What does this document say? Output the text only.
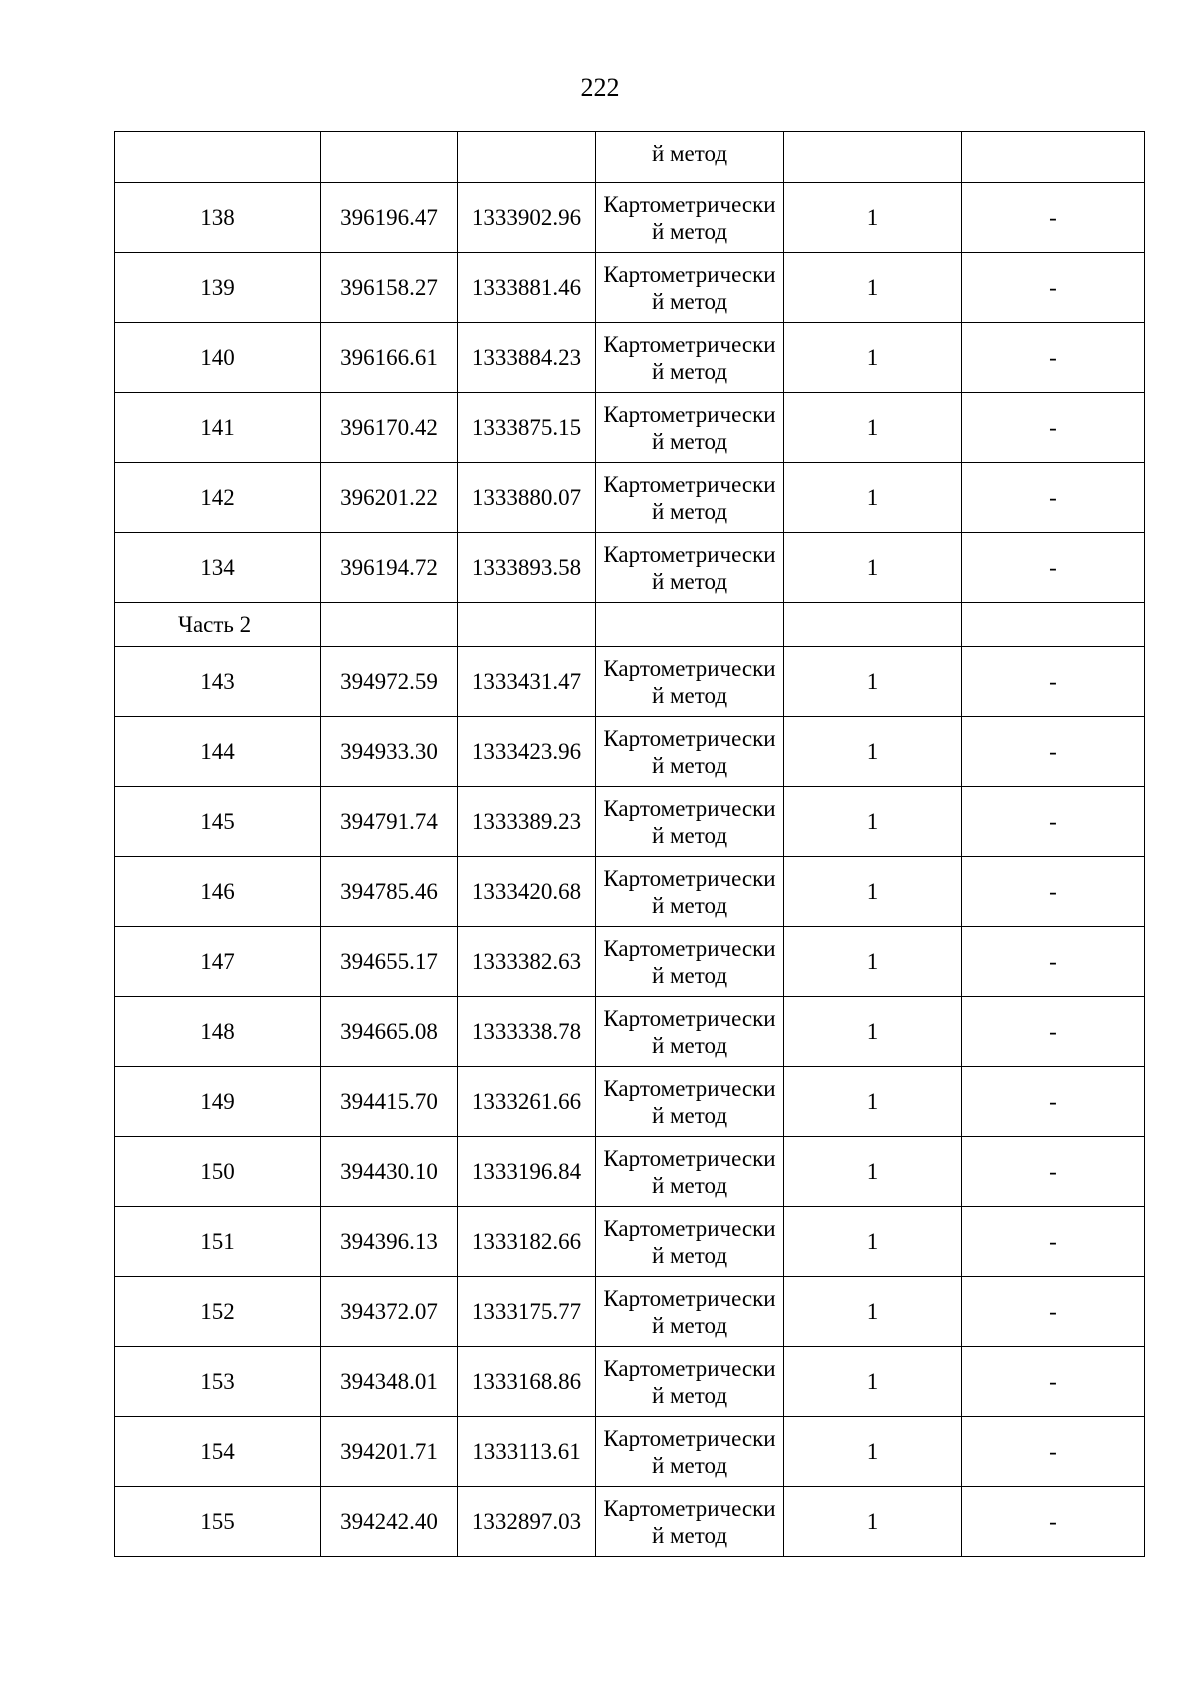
222

			й метод		

138	396196.47	1333902.96	Картометрически
й метод	1	-
139	396158.27	1333881.46	Картометрически
й метод	1	-
140	396166.61	1333884.23	Картометрически
й метод	1	-
141	396170.42	1333875.15	Картометрически
й метод	1	-
142	396201.22	1333880.07	Картометрически
й метод	1	-
134	396194.72	1333893.58	Картометрически
й метод	1	-
Часть 2					
143	394972.59	1333431.47	Картометрически
й метод	1	-
144	394933.30	1333423.96	Картометрически
й метод	1	-
145	394791.74	1333389.23	Картометрически
й метод	1	-
146	394785.46	1333420.68	Картометрически
й метод	1	-
147	394655.17	1333382.63	Картометрически
й метод	1	-
148	394665.08	1333338.78	Картометрически
й метод	1	-
149	394415.70	1333261.66	Картометрически
й метод	1	-
150	394430.10	1333196.84	Картометрически
й метод	1	-
151	394396.13	1333182.66	Картометрически
й метод	1	-
152	394372.07	1333175.77	Картометрически
й метод	1	-
153	394348.01	1333168.86	Картометрически
й метод	1	-
154	394201.71	1333113.61	Картометрически
й метод	1	-
155	394242.40	1332897.03	Картометрически
й метод	1	-
